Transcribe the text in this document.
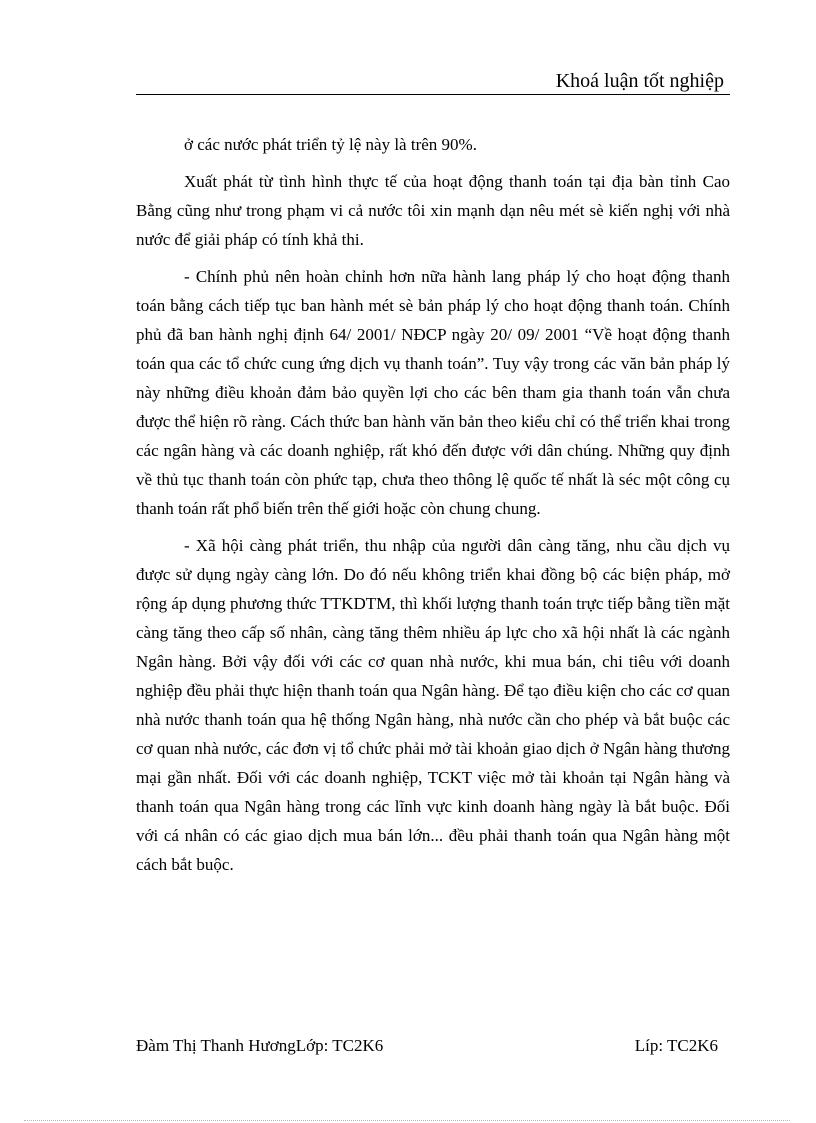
Khoá luận tốt nghiệp

ở các nước phát triển tỷ lệ này là trên 90%.

Xuất phát từ tình hình thực tế của hoạt động thanh toán tại địa bàn tỉnh Cao Bằng cũng như trong phạm vi cả nước tôi xin mạnh dạn nêu mét sè kiến nghị với nhà nước để giải pháp có tính khả thi.

- Chính phủ nên hoàn chỉnh hơn nữa hành lang pháp lý cho hoạt động thanh toán bằng cách tiếp tục ban hành mét sè bản pháp lý cho hoạt động thanh toán. Chính phủ đã ban hành nghị định 64/ 2001/ NĐCP ngày 20/ 09/ 2001 “Về hoạt động thanh toán qua các tổ chức cung ứng dịch vụ thanh toán”. Tuy vậy trong các văn bản pháp lý này những điều khoản đảm bảo quyền lợi cho các bên tham gia thanh toán vẫn chưa được thể hiện rõ ràng. Cách thức ban hành văn bản theo kiểu chỉ có thể triển khai trong các ngân hàng và các doanh nghiệp, rất khó đến được với dân chúng. Những quy định về thủ tục thanh toán còn phức tạp, chưa theo thông lệ quốc tế nhất là séc một công cụ thanh toán rất phổ biến trên thế giới hoặc còn chung chung.

- Xã hội càng phát triển, thu nhập của người dân càng tăng, nhu cầu dịch vụ được sử dụng ngày càng lớn. Do đó nếu không triển khai đồng bộ các biện pháp, mở rộng áp dụng phương thức TTKDTM, thì khối lượng thanh toán trực tiếp bằng tiền mặt càng tăng theo cấp số nhân, càng tăng thêm nhiều áp lực cho xã hội nhất là các ngành Ngân hàng. Bởi vậy đối với các cơ quan nhà nước, khi mua bán, chi tiêu với doanh nghiệp đều phải thực hiện thanh toán qua Ngân hàng. Để tạo điều kiện cho các cơ quan nhà nước thanh toán qua hệ thống Ngân hàng, nhà nước cần cho phép và bắt buộc các cơ quan nhà nước, các đơn vị tổ chức phải mở tài khoản giao dịch ở Ngân hàng thương mại gần nhất. Đối với các doanh nghiệp, TCKT việc mở tài khoản tại Ngân hàng và thanh toán qua Ngân hàng trong các lĩnh vực kinh doanh hàng ngày là bắt buộc. Đối với cá nhân có các giao dịch mua bán lớn... đều phải thanh toán qua Ngân hàng một cách bắt buộc.

Đàm Thị Thanh HươngLớp: TC2K6	Líp: TC2K6
